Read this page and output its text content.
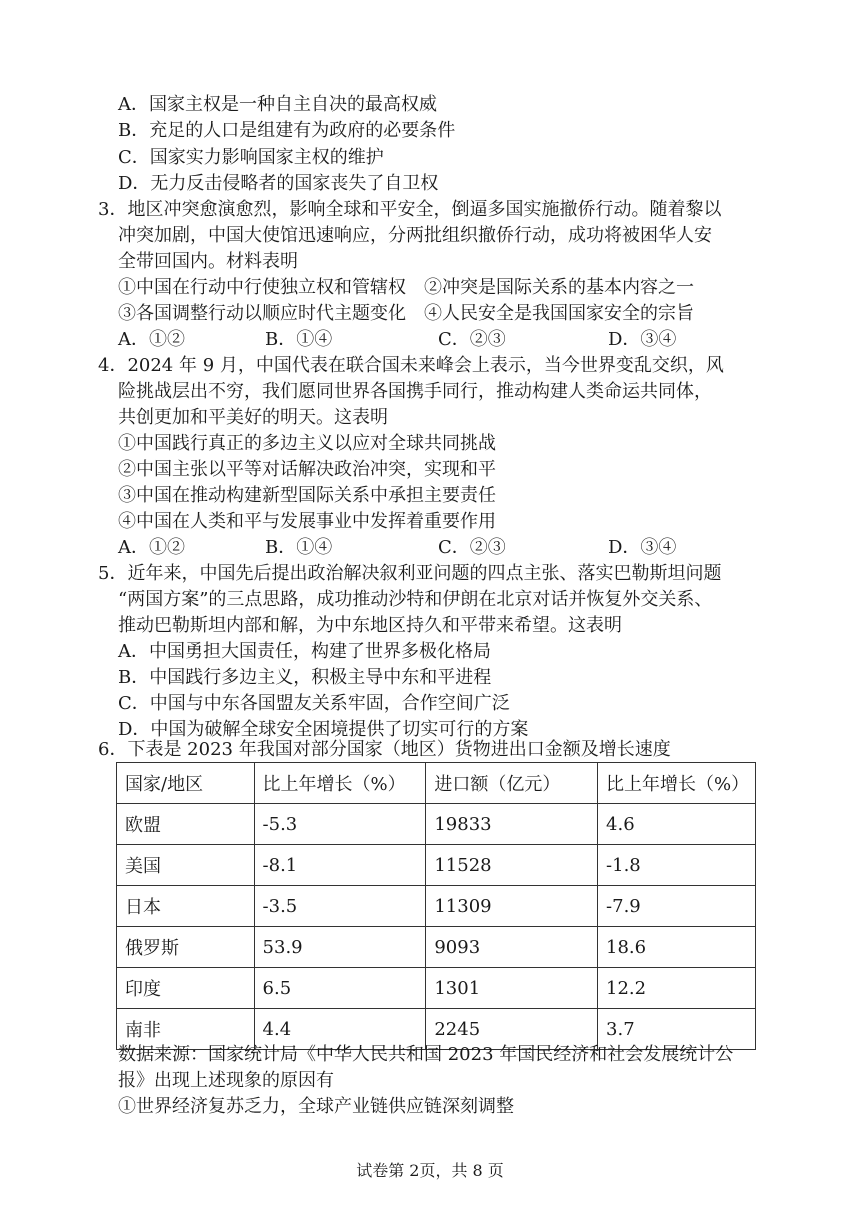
A．国家主权是一种自主自决的最高权威
B．充足的人口是组建有为政府的必要条件
C．国家实力影响国家主权的维护
D．无力反击侵略者的国家丧失了自卫权
3．地区冲突愈演愈烈，影响全球和平安全，倒逼多国实施撤侨行动。随着黎以
冲突加剧，中国大使馆迅速响应，分两批组织撤侨行动，成功将被困华人安
全带回国内。材料表明
①中国在行动中行使独立权和管辖权　②冲突是国际关系的基本内容之一
③各国调整行动以顺应时代主题变化　④人民安全是我国国家安全的宗旨
A．①②	B．①④	C．②③	D．③④
4．2024 年 9 月，中国代表在联合国未来峰会上表示，当今世界变乱交织，风
险挑战层出不穷，我们愿同世界各国携手同行，推动构建人类命运共同体，
共创更加和平美好的明天。这表明
①中国践行真正的多边主义以应对全球共同挑战
②中国主张以平等对话解决政治冲突，实现和平
③中国在推动构建新型国际关系中承担主要责任
④中国在人类和平与发展事业中发挥着重要作用
A．①②	B．①④	C．②③	D．③④
5．近年来，中国先后提出政治解决叙利亚问题的四点主张、落实巴勒斯坦问题
“两国方案”的三点思路，成功推动沙特和伊朗在北京对话并恢复外交关系、
推动巴勒斯坦内部和解，为中东地区持久和平带来希望。这表明
A．中国勇担大国责任，构建了世界多极化格局
B．中国践行多边主义，积极主导中东和平进程
C．中国与中东各国盟友关系牢固，合作空间广泛
D．中国为破解全球安全困境提供了切实可行的方案
6．下表是 2023 年我国对部分国家（地区）货物进出口金额及增长速度
国家/地区	比上年增长（%）	进口额（亿元）	比上年增长（%）
欧盟	-5.3	19833	4.6
美国	-8.1	11528	-1.8
日本	-3.5	11309	-7.9
俄罗斯	53.9	9093	18.6
印度	6.5	1301	12.2
南非	4.4	2245	3.7
数据来源：国家统计局《中华人民共和国 2023 年国民经济和社会发展统计公
报》出现上述现象的原因有
①世界经济复苏乏力，全球产业链供应链深刻调整
试卷第 2页，共 8 页
